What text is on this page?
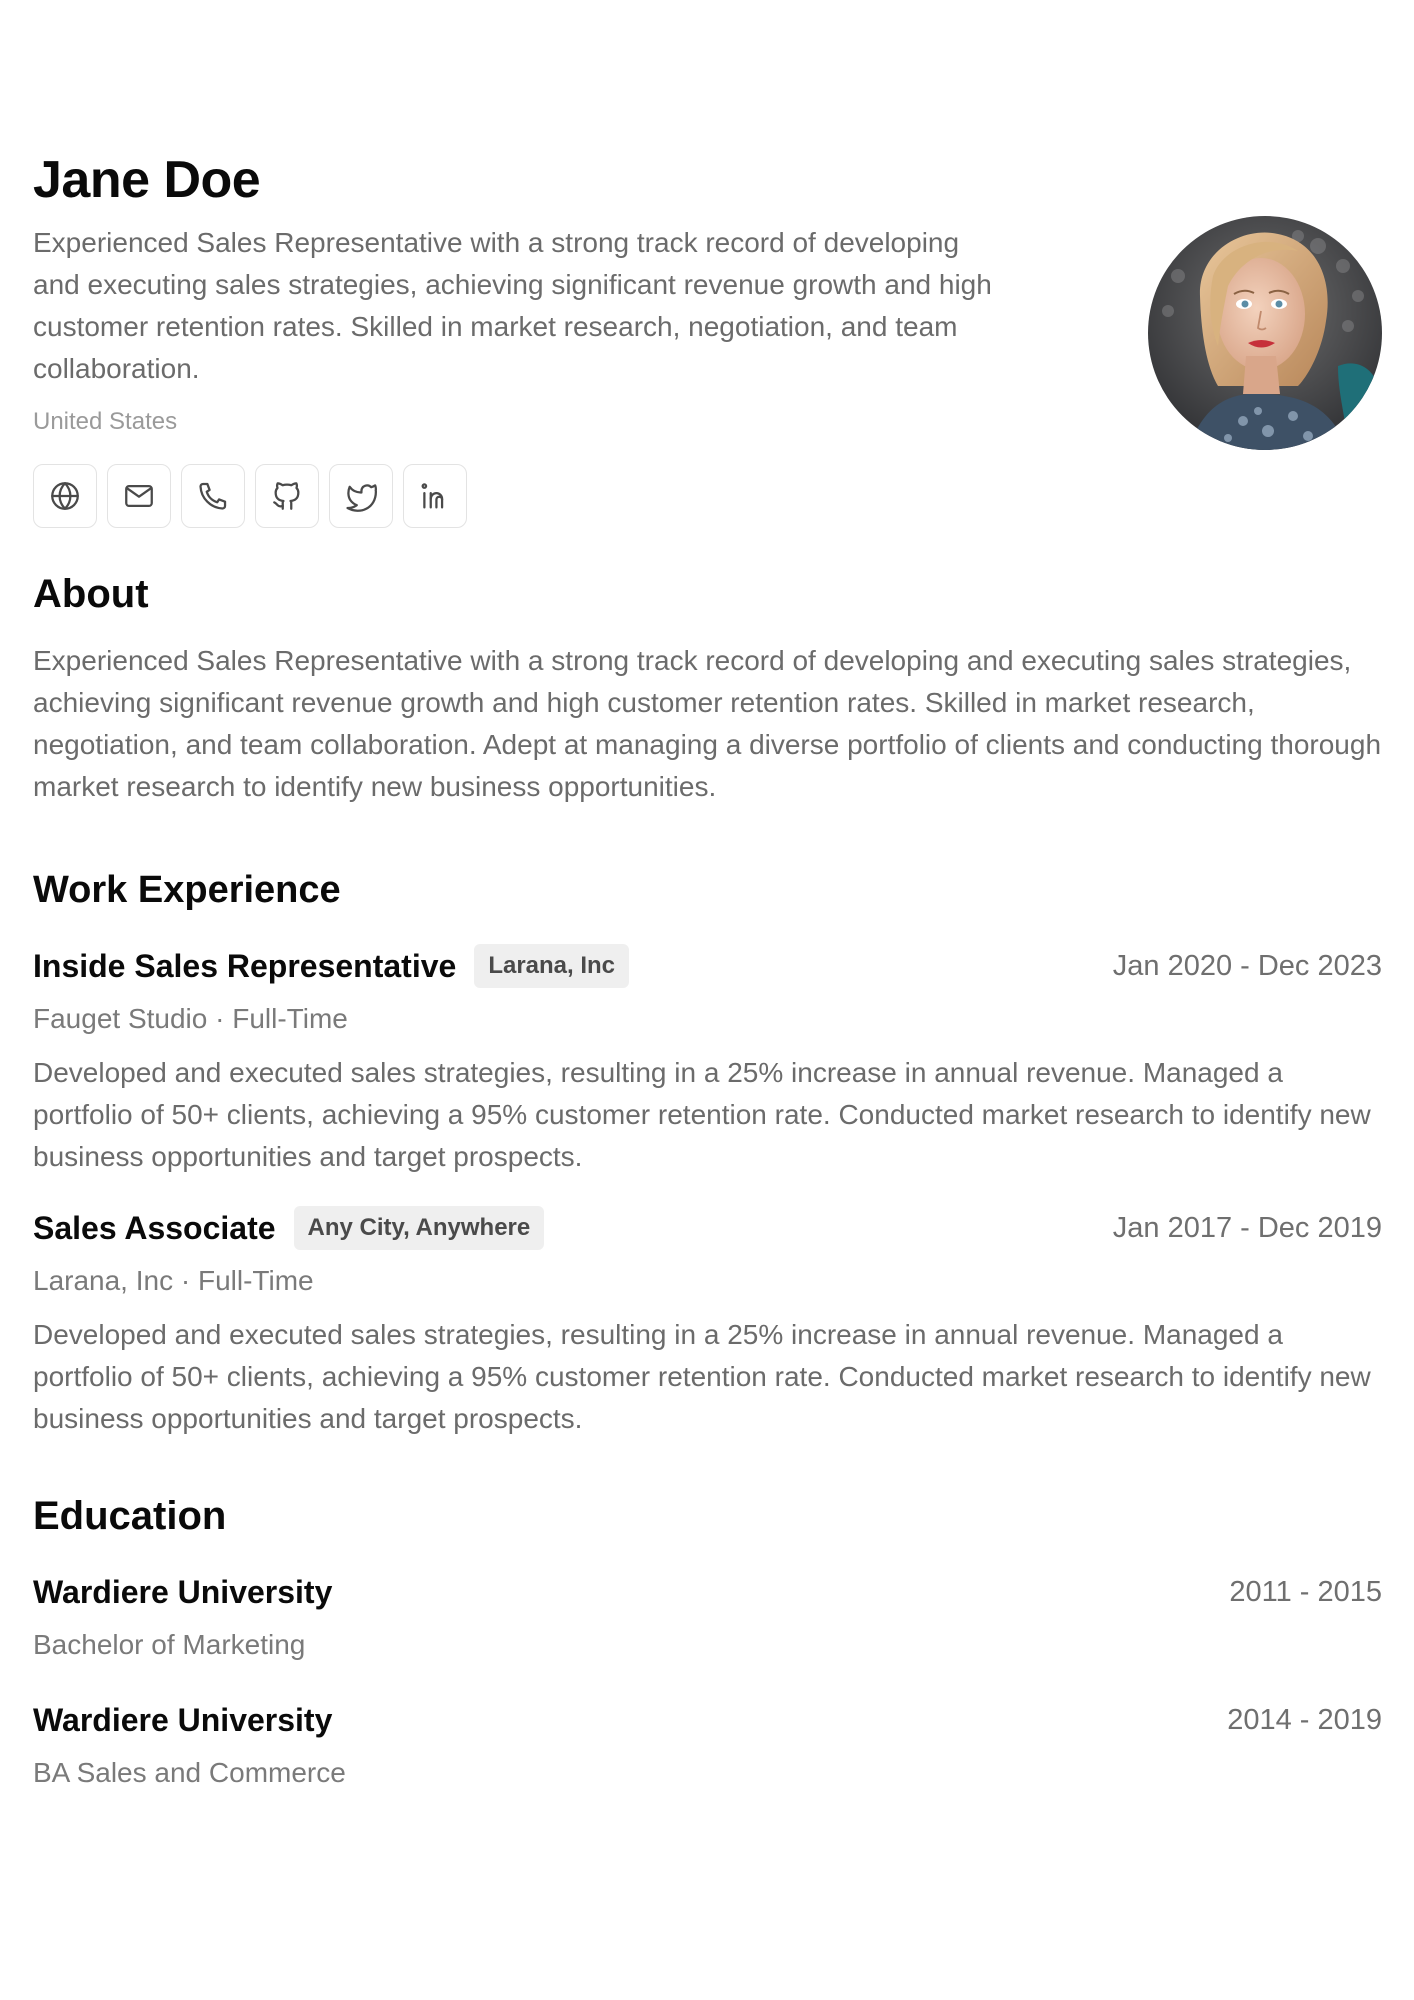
Jane Doe

Experienced Sales Representative with a strong track record of developing and executing sales strategies, achieving significant revenue growth and high customer retention rates. Skilled in market research, negotiation, and team collaboration.

United States
About

Experienced Sales Representative with a strong track record of developing and executing sales strategies, achieving significant revenue growth and high customer retention rates. Skilled in market research, negotiation, and team collaboration. Adept at managing a diverse portfolio of clients and conducting thorough market research to identify new business opportunities.

Work Experience
Inside Sales Representative	Larana, Inc	Jan 2020 - Dec 2023
Fauget Studio · Full-Time

Developed and executed sales strategies, resulting in a 25% increase in annual revenue. Managed a portfolio of 50+ clients, achieving a 95% customer retention rate. Conducted market research to identify new business opportunities and target prospects.

Sales Associate	Any City, Anywhere	Jan 2017 - Dec 2019
Larana, Inc · Full-Time

Developed and executed sales strategies, resulting in a 25% increase in annual revenue. Managed a portfolio of 50+ clients, achieving a 95% customer retention rate. Conducted market research to identify new business opportunities and target prospects.

Education
Wardiere University	2011 - 2015
Bachelor of Marketing
Wardiere University	2014 - 2019
BA Sales and Commerce
